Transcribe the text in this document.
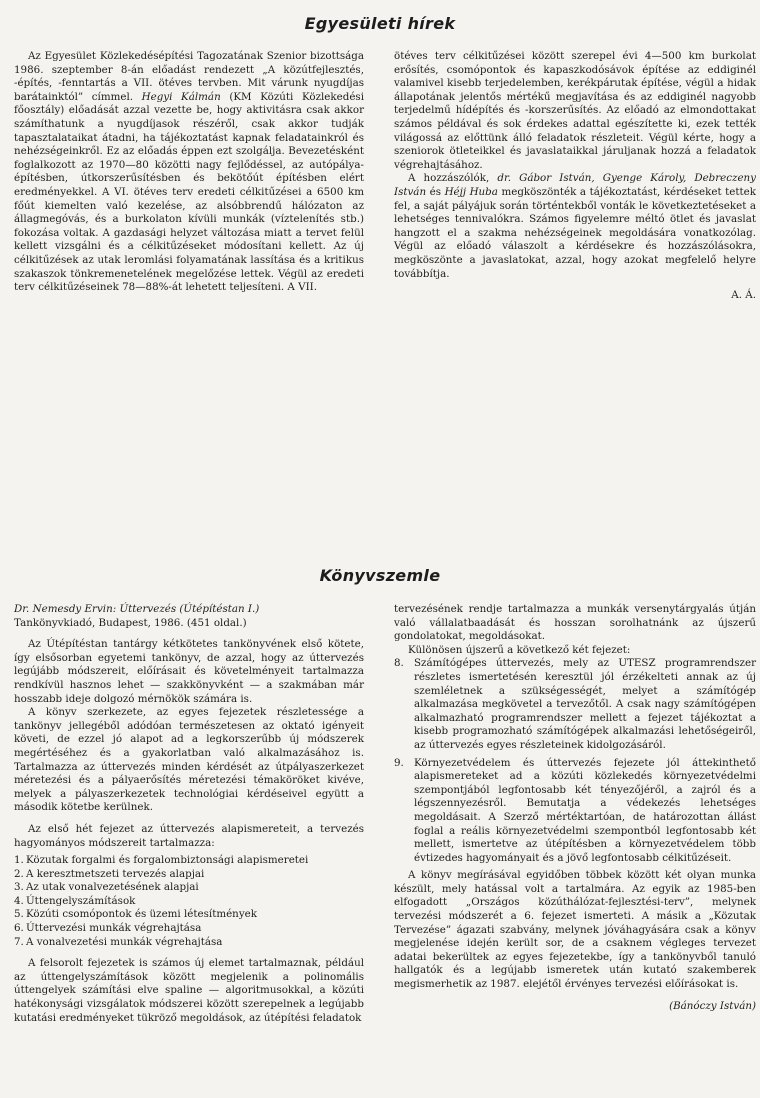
Egyesületi hírek

Az Egyesület Közlekedésépítési Tagozatának Szenior bizottsága 1986. szeptember 8-án előadást rendezett „A közútfejlesztés, -építés, -fenntartás a VII. ötéves tervben. Mit várunk nyugdíjas barátainktól” címmel. Hegyi Kálmán (KM Közúti Közlekedési főosztály) előadását azzal vezette be, hogy aktivitásra csak akkor számíthatunk a nyugdíjasok részéről, csak akkor tudják tapasztalataikat átadni, ha tájékoztatást kapnak feladatainkról és nehézségeinkről. Ez az előadás éppen ezt szolgálja. Bevezetésként foglalkozott az 1970—80 közötti nagy fejlődéssel, az autópálya-építésben, útkorszerűsítésben és bekötőút építésben elért eredményekkel. A VI. ötéves terv eredeti célkitűzései a 6500 km főút kiemelten való kezelése, az alsóbbrendű hálózaton az állagmegóvás, és a burkolaton kívüli munkák (víztelenítés stb.) fokozása voltak. A gazdasági helyzet változása miatt a tervet felül kellett vizsgálni és a célkitűzéseket módosítani kellett. Az új célkitűzések az utak leromlási folyamatának lassítása és a kritikus szakaszok tönkremenetelének megelőzése lettek. Végül az eredeti terv célkitűzéseinek 78—88%-át lehetett teljesíteni. A VII.

ötéves terv célkitűzései között szerepel évi 4—500 km burkolat erősítés, csomópontok és kapaszkodósávok építése az eddiginél valamivel kisebb terjedelemben, kerékpárutak építése, végül a hidak állapotának jelentős mértékű megjavítása és az eddiginél nagyobb terjedelmű hídépítés és -korszerűsítés. Az előadó az elmondottakat számos példával és sok érdekes adattal egészítette ki, ezek tették világossá az előttünk álló feladatok részleteit. Végül kérte, hogy a szeniorok ötleteikkel és javaslataikkal járuljanak hozzá a feladatok végrehajtásához.

A hozzászólók, dr. Gábor István, Gyenge Károly, Debreczeny István és Héjj Huba megköszönték a tájékoztatást, kérdéseket tettek fel, a saját pályájuk során történtekből vonták le következtetéseket a lehetséges tennivalókra. Számos figyelemre méltó ötlet és javaslat hangzott el a szakma nehézségeinek megoldására vonatkozólag. Végül az előadó válaszolt a kérdésekre és hozzászólásokra, megköszönte a javaslatokat, azzal, hogy azokat megfelelő helyre továbbítja.

A. Á.

Könyvszemle

Dr. Nemesdy Ervin: Úttervezés (Útépítéstan I.)

Tankönyvkiadó, Budapest, 1986. (451 oldal.)

Az Útépítéstan tantárgy kétkötetes tankönyvének első kötete, így elsősorban egyetemi tankönyv, de azzal, hogy az úttervezés legújább módszereit, előírásait és követelményeit tartalmazza rendkívül hasznos lehet — szakkönyvként — a szakmában már hosszabb ideje dolgozó mérnökök számára is.

A könyv szerkezete, az egyes fejezetek részletessége a tankönyv jellegéből adódóan természetesen az oktató igényeit követi, de ezzel jó alapot ad a legkorszerűbb új módszerek megértéséhez és a gyakorlatban való alkalmazásához is. Tartalmazza az úttervezés minden kérdését az útpályaszerkezet méretezési és a pályaerősítés méretezési témaköröket kivéve, melyek a pályaszerkezetek technológiai kérdéseivel együtt a második kötetbe kerülnek.

Az első hét fejezet az úttervezés alapismereteit, a tervezés hagyományos módszereit tartalmazza:

1. Közutak forgalmi és forgalombiztonsági alapismeretei
2. A keresztmetszeti tervezés alapjai
3. Az utak vonalvezetésének alapjai
4. Úttengelyszámítások
5. Közúti csomópontok és üzemi létesítmények
6. Úttervezési munkák végrehajtása
7. A vonalvezetési munkák végrehajtása

A felsorolt fejezetek is számos új elemet tartalmaznak, például az úttengelyszámítások között megjelenik a polinomális úttengelyek számítási elve spaline — algoritmusokkal, a közúti hatékonysági vizsgálatok módszerei között szerepelnek a legújabb kutatási eredményeket tükröző megoldások, az útépítési feladatok

tervezésének rendje tartalmazza a munkák versenytárgyalás útján való vállalatbaadását és hosszan sorolhatnánk az újszerű gondolatokat, megoldásokat.

Különösen újszerű a következő két fejezet:

8. Számítógépes úttervezés, mely az UTESZ programrendszer részletes ismertetésén keresztül jól érzékelteti annak az új szemléletnek a szükségességét, melyet a számítógép alkalmazása megkövetel a tervezőtől. A csak nagy számítógépen alkalmazható programrendszer mellett a fejezet tájékoztat a kisebb programozható számítógépek alkalmazási lehetőségeiről, az úttervezés egyes részleteinek kidolgozásáról.
9. Környezetvédelem és úttervezés fejezete jól áttekinthető alapismereteket ad a közúti közlekedés környezetvédelmi szempontjából legfontosabb két tényezőjéről, a zajról és a légszennyezésről. Bemutatja a védekezés lehetséges megoldásait. A Szerző mértéktartóan, de határozottan állást foglal a reális környezetvédelmi szempontból legfontosabb két mellett, ismertetve az útépítésben a környezetvédelem több évtizedes hagyományait és a jövő legfontosabb célkitűzéseit.

A könyv megírásával egyidőben többek között két olyan munka készült, mely hatással volt a tartalmára. Az egyik az 1985-ben elfogadott „Országos közúthálózat-fejlesztési-terv”, melynek tervezési módszerét a 6. fejezet ismerteti. A másik a „Közutak Tervezése” ágazati szabvány, melynek jóváhagyására csak a könyv megjelenése idején került sor, de a csaknem végleges tervezet adatai bekerültek az egyes fejezetekbe, így a tankönyvből tanuló hallgatók és a legújabb ismeretek után kutató szakemberek megismerhetik az 1987. elejétől érvényes tervezési előírásokat is.

(Bánóczy István)
